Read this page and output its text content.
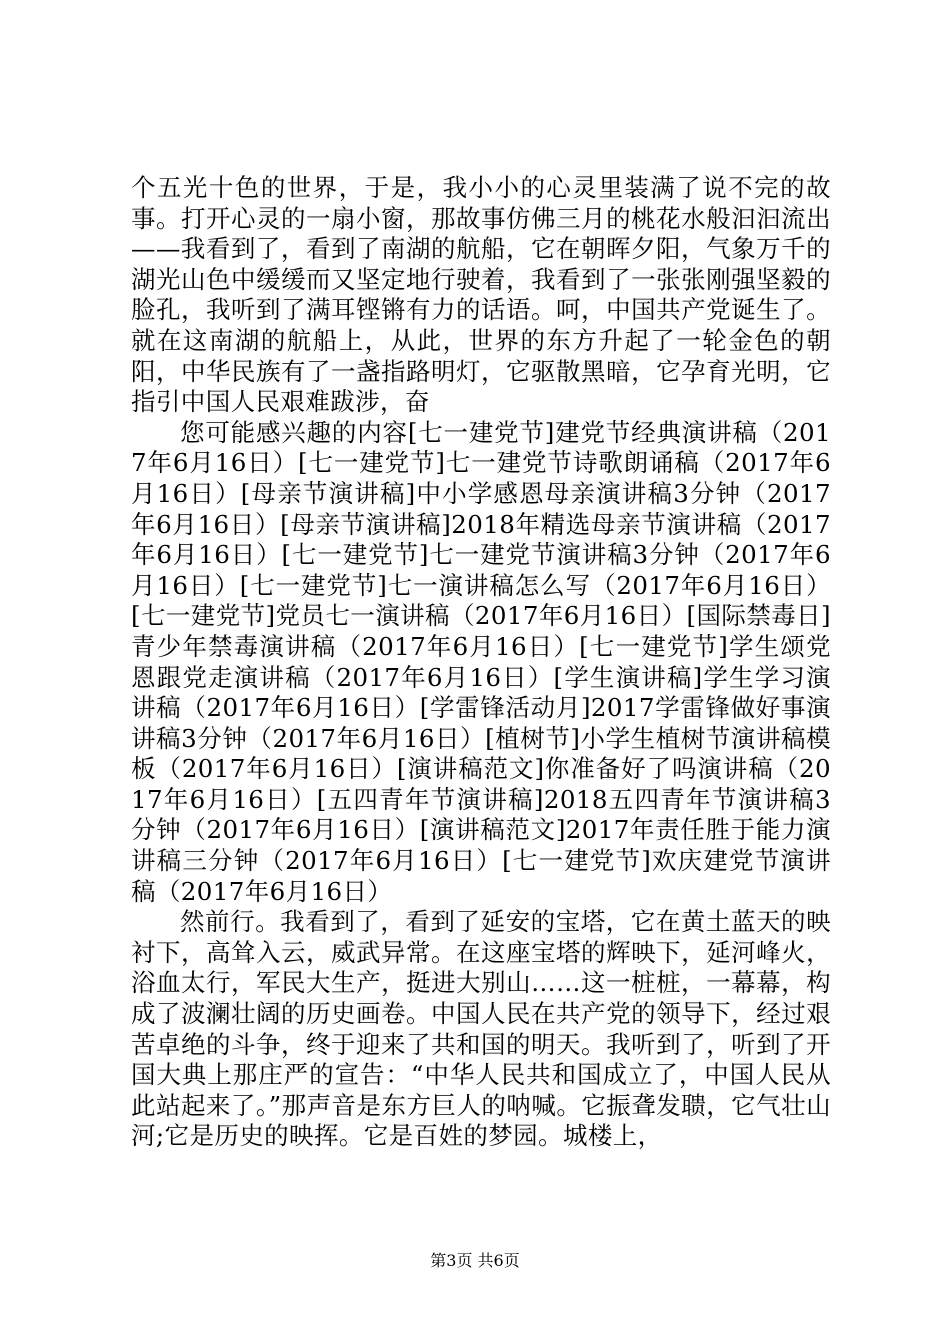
个五光十色的世界，于是，我小小的心灵里装满了说不完的故事。打开心灵的一扇小窗，那故事仿佛三月的桃花水般汩汩流出——我看到了，看到了南湖的航船，它在朝晖夕阳，气象万千的湖光山色中缓缓而又坚定地行驶着，我看到了一张张刚强坚毅的脸孔，我听到了满耳铿锵有力的话语。呵，中国共产党诞生了。就在这南湖的航船上，从此，世界的东方升起了一轮金色的朝阳，中华民族有了一盏指路明灯，它驱散黑暗，它孕育光明，它指引中国人民艰难跋涉，奋

您可能感兴趣的内容[七一建党节]建党节经典演讲稿（2017年6月16日）[七一建党节]七一建党节诗歌朗诵稿（2017年6月16日）[母亲节演讲稿]中小学感恩母亲演讲稿3分钟（2017年6月16日）[母亲节演讲稿]2018年精选母亲节演讲稿（2017年6月16日）[七一建党节]七一建党节演讲稿3分钟（2017年6月16日）[七一建党节]七一演讲稿怎么写（2017年6月16日）[七一建党节]党员七一演讲稿（2017年6月16日）[国际禁毒日]青少年禁毒演讲稿（2017年6月16日）[七一建党节]学生颂党恩跟党走演讲稿（2017年6月16日）[学生演讲稿]学生学习演讲稿（2017年6月16日）[学雷锋活动月]2017学雷锋做好事演讲稿3分钟（2017年6月16日）[植树节]小学生植树节演讲稿模板（2017年6月16日）[演讲稿范文]你准备好了吗演讲稿（2017年6月16日）[五四青年节演讲稿]2018五四青年节演讲稿3分钟（2017年6月16日）[演讲稿范文]2017年责任胜于能力演讲稿三分钟（2017年6月16日）[七一建党节]欢庆建党节演讲稿（2017年6月16日）

然前行。我看到了，看到了延安的宝塔，它在黄土蓝天的映衬下，高耸入云，威武异常。在这座宝塔的辉映下，延河峰火，浴血太行，军民大生产，挺进大别山……这一桩桩，一幕幕，构成了波澜壮阔的历史画卷。中国人民在共产党的领导下，经过艰苦卓绝的斗争，终于迎来了共和国的明天。我听到了，听到了开国大典上那庄严的宣告：“中华人民共和国成立了，中国人民从此站起来了。”那声音是东方巨人的呐喊。它振聋发聩，它气壮山河;它是历史的映挥。它是百姓的梦园。城楼上，

第3页 共6页
